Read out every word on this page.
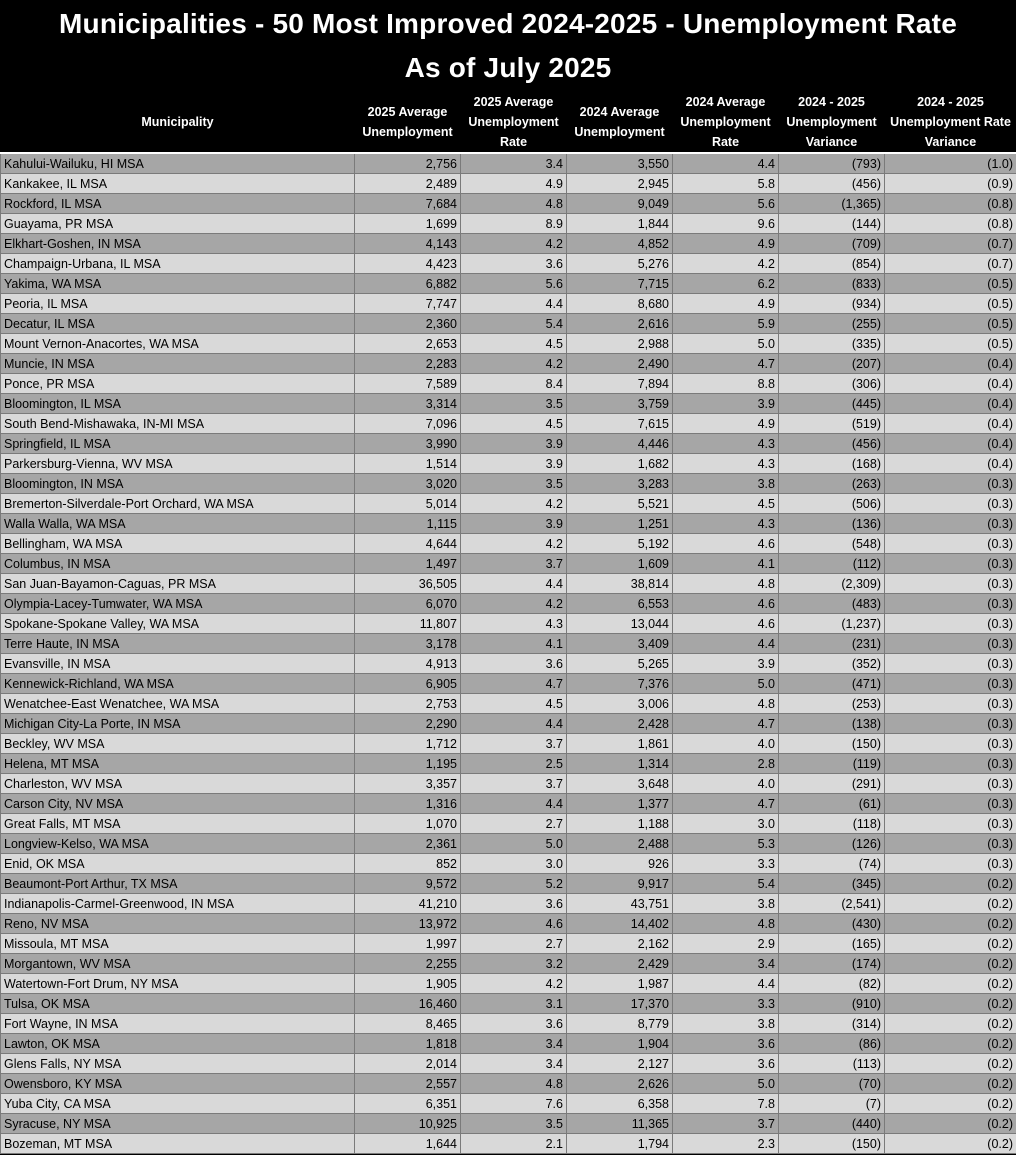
Municipalities - 50 Most Improved 2024-2025 - Unemployment Rate
As of July 2025
Municipality	2025 Average Unemployment	2025 Average Unemployment Rate	2024 Average Unemployment	2024 Average Unemployment Rate	2024 - 2025 Unemployment Variance	2024 - 2025 Unemployment Rate Variance
Kahului-Wailuku, HI MSA	2,756	3.4	3,550	4.4	(793)	(1.0)
Kankakee, IL MSA	2,489	4.9	2,945	5.8	(456)	(0.9)
Rockford, IL MSA	7,684	4.8	9,049	5.6	(1,365)	(0.8)
Guayama, PR MSA	1,699	8.9	1,844	9.6	(144)	(0.8)
Elkhart-Goshen, IN MSA	4,143	4.2	4,852	4.9	(709)	(0.7)
Champaign-Urbana, IL MSA	4,423	3.6	5,276	4.2	(854)	(0.7)
Yakima, WA MSA	6,882	5.6	7,715	6.2	(833)	(0.5)
Peoria, IL MSA	7,747	4.4	8,680	4.9	(934)	(0.5)
Decatur, IL MSA	2,360	5.4	2,616	5.9	(255)	(0.5)
Mount Vernon-Anacortes, WA MSA	2,653	4.5	2,988	5.0	(335)	(0.5)
Muncie, IN MSA	2,283	4.2	2,490	4.7	(207)	(0.4)
Ponce, PR MSA	7,589	8.4	7,894	8.8	(306)	(0.4)
Bloomington, IL MSA	3,314	3.5	3,759	3.9	(445)	(0.4)
South Bend-Mishawaka, IN-MI MSA	7,096	4.5	7,615	4.9	(519)	(0.4)
Springfield, IL MSA	3,990	3.9	4,446	4.3	(456)	(0.4)
Parkersburg-Vienna, WV MSA	1,514	3.9	1,682	4.3	(168)	(0.4)
Bloomington, IN MSA	3,020	3.5	3,283	3.8	(263)	(0.3)
Bremerton-Silverdale-Port Orchard, WA MSA	5,014	4.2	5,521	4.5	(506)	(0.3)
Walla Walla, WA MSA	1,115	3.9	1,251	4.3	(136)	(0.3)
Bellingham, WA MSA	4,644	4.2	5,192	4.6	(548)	(0.3)
Columbus, IN MSA	1,497	3.7	1,609	4.1	(112)	(0.3)
San Juan-Bayamon-Caguas, PR MSA	36,505	4.4	38,814	4.8	(2,309)	(0.3)
Olympia-Lacey-Tumwater, WA MSA	6,070	4.2	6,553	4.6	(483)	(0.3)
Spokane-Spokane Valley, WA MSA	11,807	4.3	13,044	4.6	(1,237)	(0.3)
Terre Haute, IN MSA	3,178	4.1	3,409	4.4	(231)	(0.3)
Evansville, IN MSA	4,913	3.6	5,265	3.9	(352)	(0.3)
Kennewick-Richland, WA MSA	6,905	4.7	7,376	5.0	(471)	(0.3)
Wenatchee-East Wenatchee, WA MSA	2,753	4.5	3,006	4.8	(253)	(0.3)
Michigan City-La Porte, IN MSA	2,290	4.4	2,428	4.7	(138)	(0.3)
Beckley, WV MSA	1,712	3.7	1,861	4.0	(150)	(0.3)
Helena, MT MSA	1,195	2.5	1,314	2.8	(119)	(0.3)
Charleston, WV MSA	3,357	3.7	3,648	4.0	(291)	(0.3)
Carson City, NV MSA	1,316	4.4	1,377	4.7	(61)	(0.3)
Great Falls, MT MSA	1,070	2.7	1,188	3.0	(118)	(0.3)
Longview-Kelso, WA MSA	2,361	5.0	2,488	5.3	(126)	(0.3)
Enid, OK MSA	852	3.0	926	3.3	(74)	(0.3)
Beaumont-Port Arthur, TX MSA	9,572	5.2	9,917	5.4	(345)	(0.2)
Indianapolis-Carmel-Greenwood, IN MSA	41,210	3.6	43,751	3.8	(2,541)	(0.2)
Reno, NV MSA	13,972	4.6	14,402	4.8	(430)	(0.2)
Missoula, MT MSA	1,997	2.7	2,162	2.9	(165)	(0.2)
Morgantown, WV MSA	2,255	3.2	2,429	3.4	(174)	(0.2)
Watertown-Fort Drum, NY MSA	1,905	4.2	1,987	4.4	(82)	(0.2)
Tulsa, OK MSA	16,460	3.1	17,370	3.3	(910)	(0.2)
Fort Wayne, IN MSA	8,465	3.6	8,779	3.8	(314)	(0.2)
Lawton, OK MSA	1,818	3.4	1,904	3.6	(86)	(0.2)
Glens Falls, NY MSA	2,014	3.4	2,127	3.6	(113)	(0.2)
Owensboro, KY MSA	2,557	4.8	2,626	5.0	(70)	(0.2)
Yuba City, CA MSA	6,351	7.6	6,358	7.8	(7)	(0.2)
Syracuse, NY MSA	10,925	3.5	11,365	3.7	(440)	(0.2)
Bozeman, MT MSA	1,644	2.1	1,794	2.3	(150)	(0.2)
